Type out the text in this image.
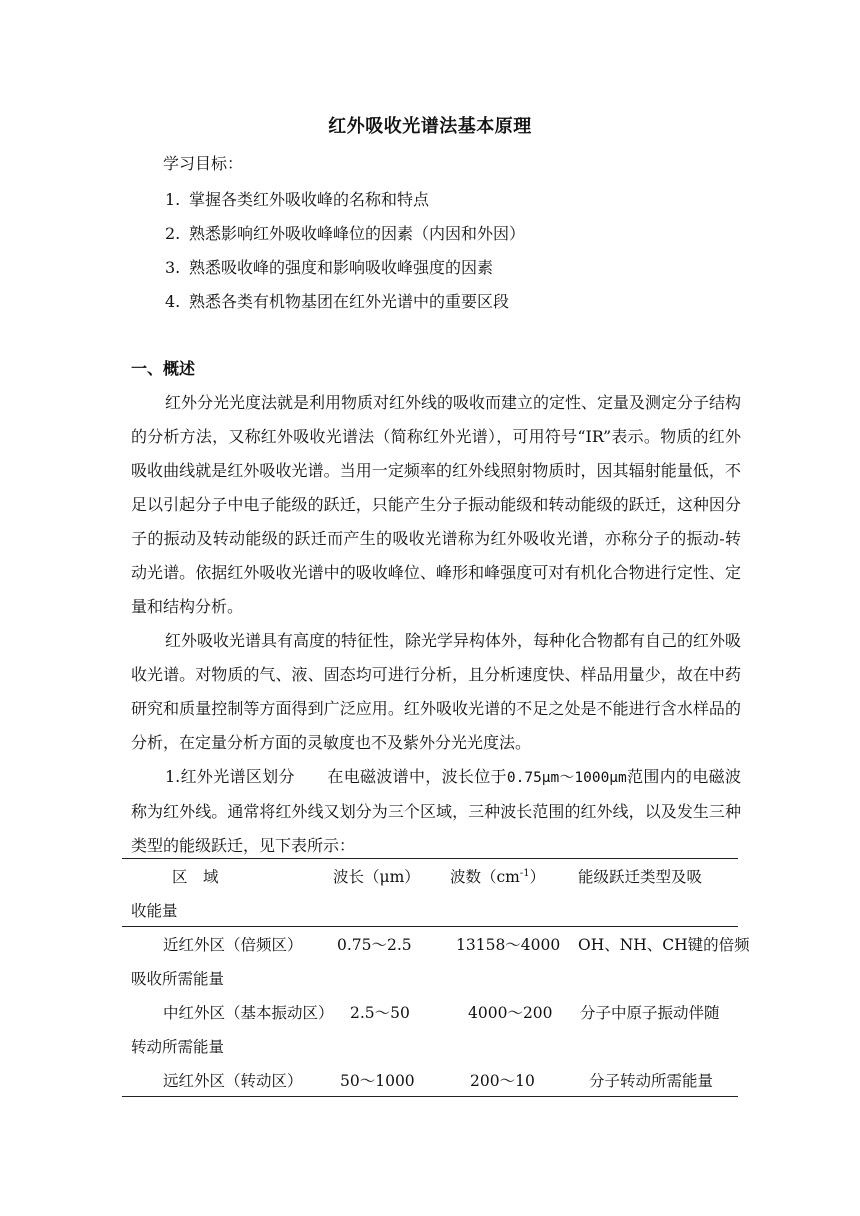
红外吸收光谱法基本原理
学习目标：
1. 掌握各类红外吸收峰的名称和特点
2. 熟悉影响红外吸收峰峰位的因素（内因和外因）
3. 熟悉吸收峰的强度和影响吸收峰强度的因素
4. 熟悉各类有机物基团在红外光谱中的重要区段
一、概述

红外分光光度法就是利用物质对红外线的吸收而建立的定性、定量及测定分子结构的分析方法，又称红外吸收光谱法（简称红外光谱），可用符号“IR”表示。物质的红外吸收曲线就是红外吸收光谱。当用一定频率的红外线照射物质时，因其辐射能量低，不足以引起分子中电子能级的跃迁，只能产生分子振动能级和转动能级的跃迁，这种因分子的振动及转动能级的跃迁而产生的吸收光谱称为红外吸收光谱，亦称分子的振动-转动光谱。依据红外吸收光谱中的吸收峰位、峰形和峰强度可对有机化合物进行定性、定量和结构分析。

红外吸收光谱具有高度的特征性，除光学异构体外，每种化合物都有自己的红外吸收光谱。对物质的气、液、固态均可进行分析，且分析速度快、样品用量少，故在中药研究和质量控制等方面得到广泛应用。红外吸收光谱的不足之处是不能进行含水样品的分析，在定量分析方面的灵敏度也不及紫外分光光度法。

1.红外光谱区划分　　 在电磁波谱中，波长位于0.75μm～1000μm范围内的电磁波称为红外线。通常将红外线又划分为三个区域，三种波长范围的红外线，以及发生三种类型的能级跃迁，见下表所示：

区　域	波长（μm） 波数$(cm^{-1})$ 能级跃迁类型及吸
收能量
近红外区（倍频区） 0.75～2.5	13158～4000 OH、NH、CH键的倍频
吸收所需能量
中红外区（基本振动区） 2.5～50	4000～200 分子中原子振动伴随
转动所需能量
远红外区（转动区） 50～1000	200～10	分子转动所需能量
